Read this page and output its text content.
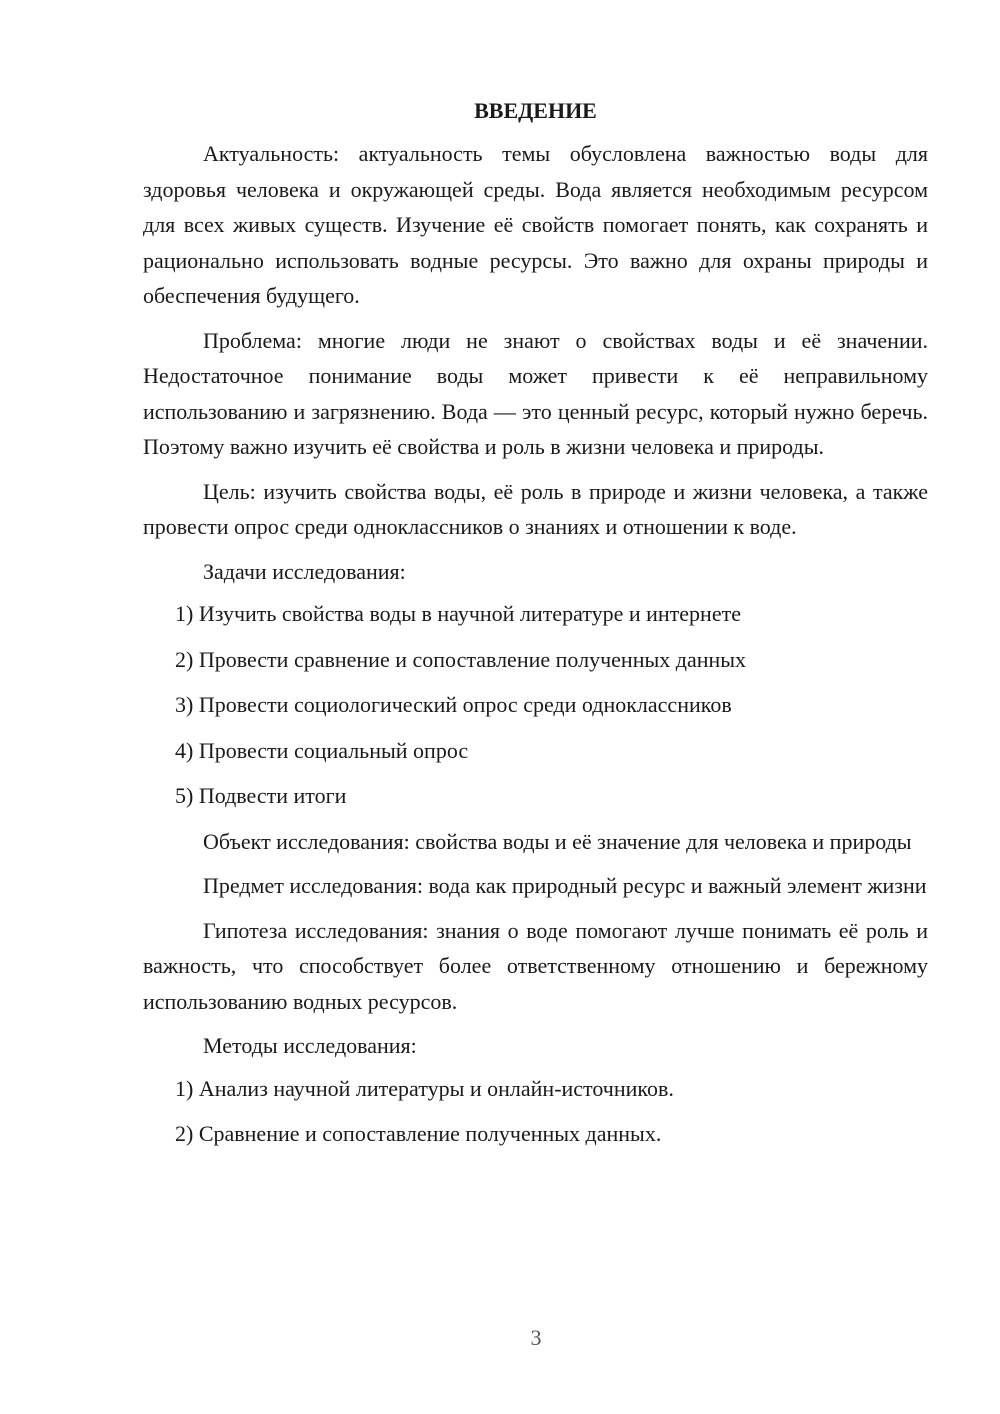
ВВЕДЕНИЕ
Актуальность: актуальность темы обусловлена важностью воды для здоровья человека и окружающей среды. Вода является необходимым ресурсом для всех живых существ. Изучение её свойств помогает понять, как сохранять и рационально использовать водные ресурсы. Это важно для охраны природы и обеспечения будущего.
Проблема: многие люди не знают о свойствах воды и её значении. Недостаточное понимание воды может привести к её неправильному использованию и загрязнению. Вода — это ценный ресурс, который нужно беречь. Поэтому важно изучить её свойства и роль в жизни человека и природы.
Цель: изучить свойства воды, её роль в природе и жизни человека, а также провести опрос среди одноклассников о знаниях и отношении к воде.
Задачи исследования:
1) Изучить свойства воды в научной литературе и интернете
2) Провести сравнение и сопоставление полученных данных
3) Провести социологический опрос среди одноклассников
4) Провести социальный опрос
5) Подвести итоги
Объект исследования: свойства воды и её значение для человека и природы
Предмет исследования: вода как природный ресурс и важный элемент жизни
Гипотеза исследования: знания о воде помогают лучше понимать её роль и важность, что способствует более ответственному отношению и бережному использованию водных ресурсов.
Методы исследования:
1) Анализ научной литературы и онлайн-источников.
2) Сравнение и сопоставление полученных данных.
3
